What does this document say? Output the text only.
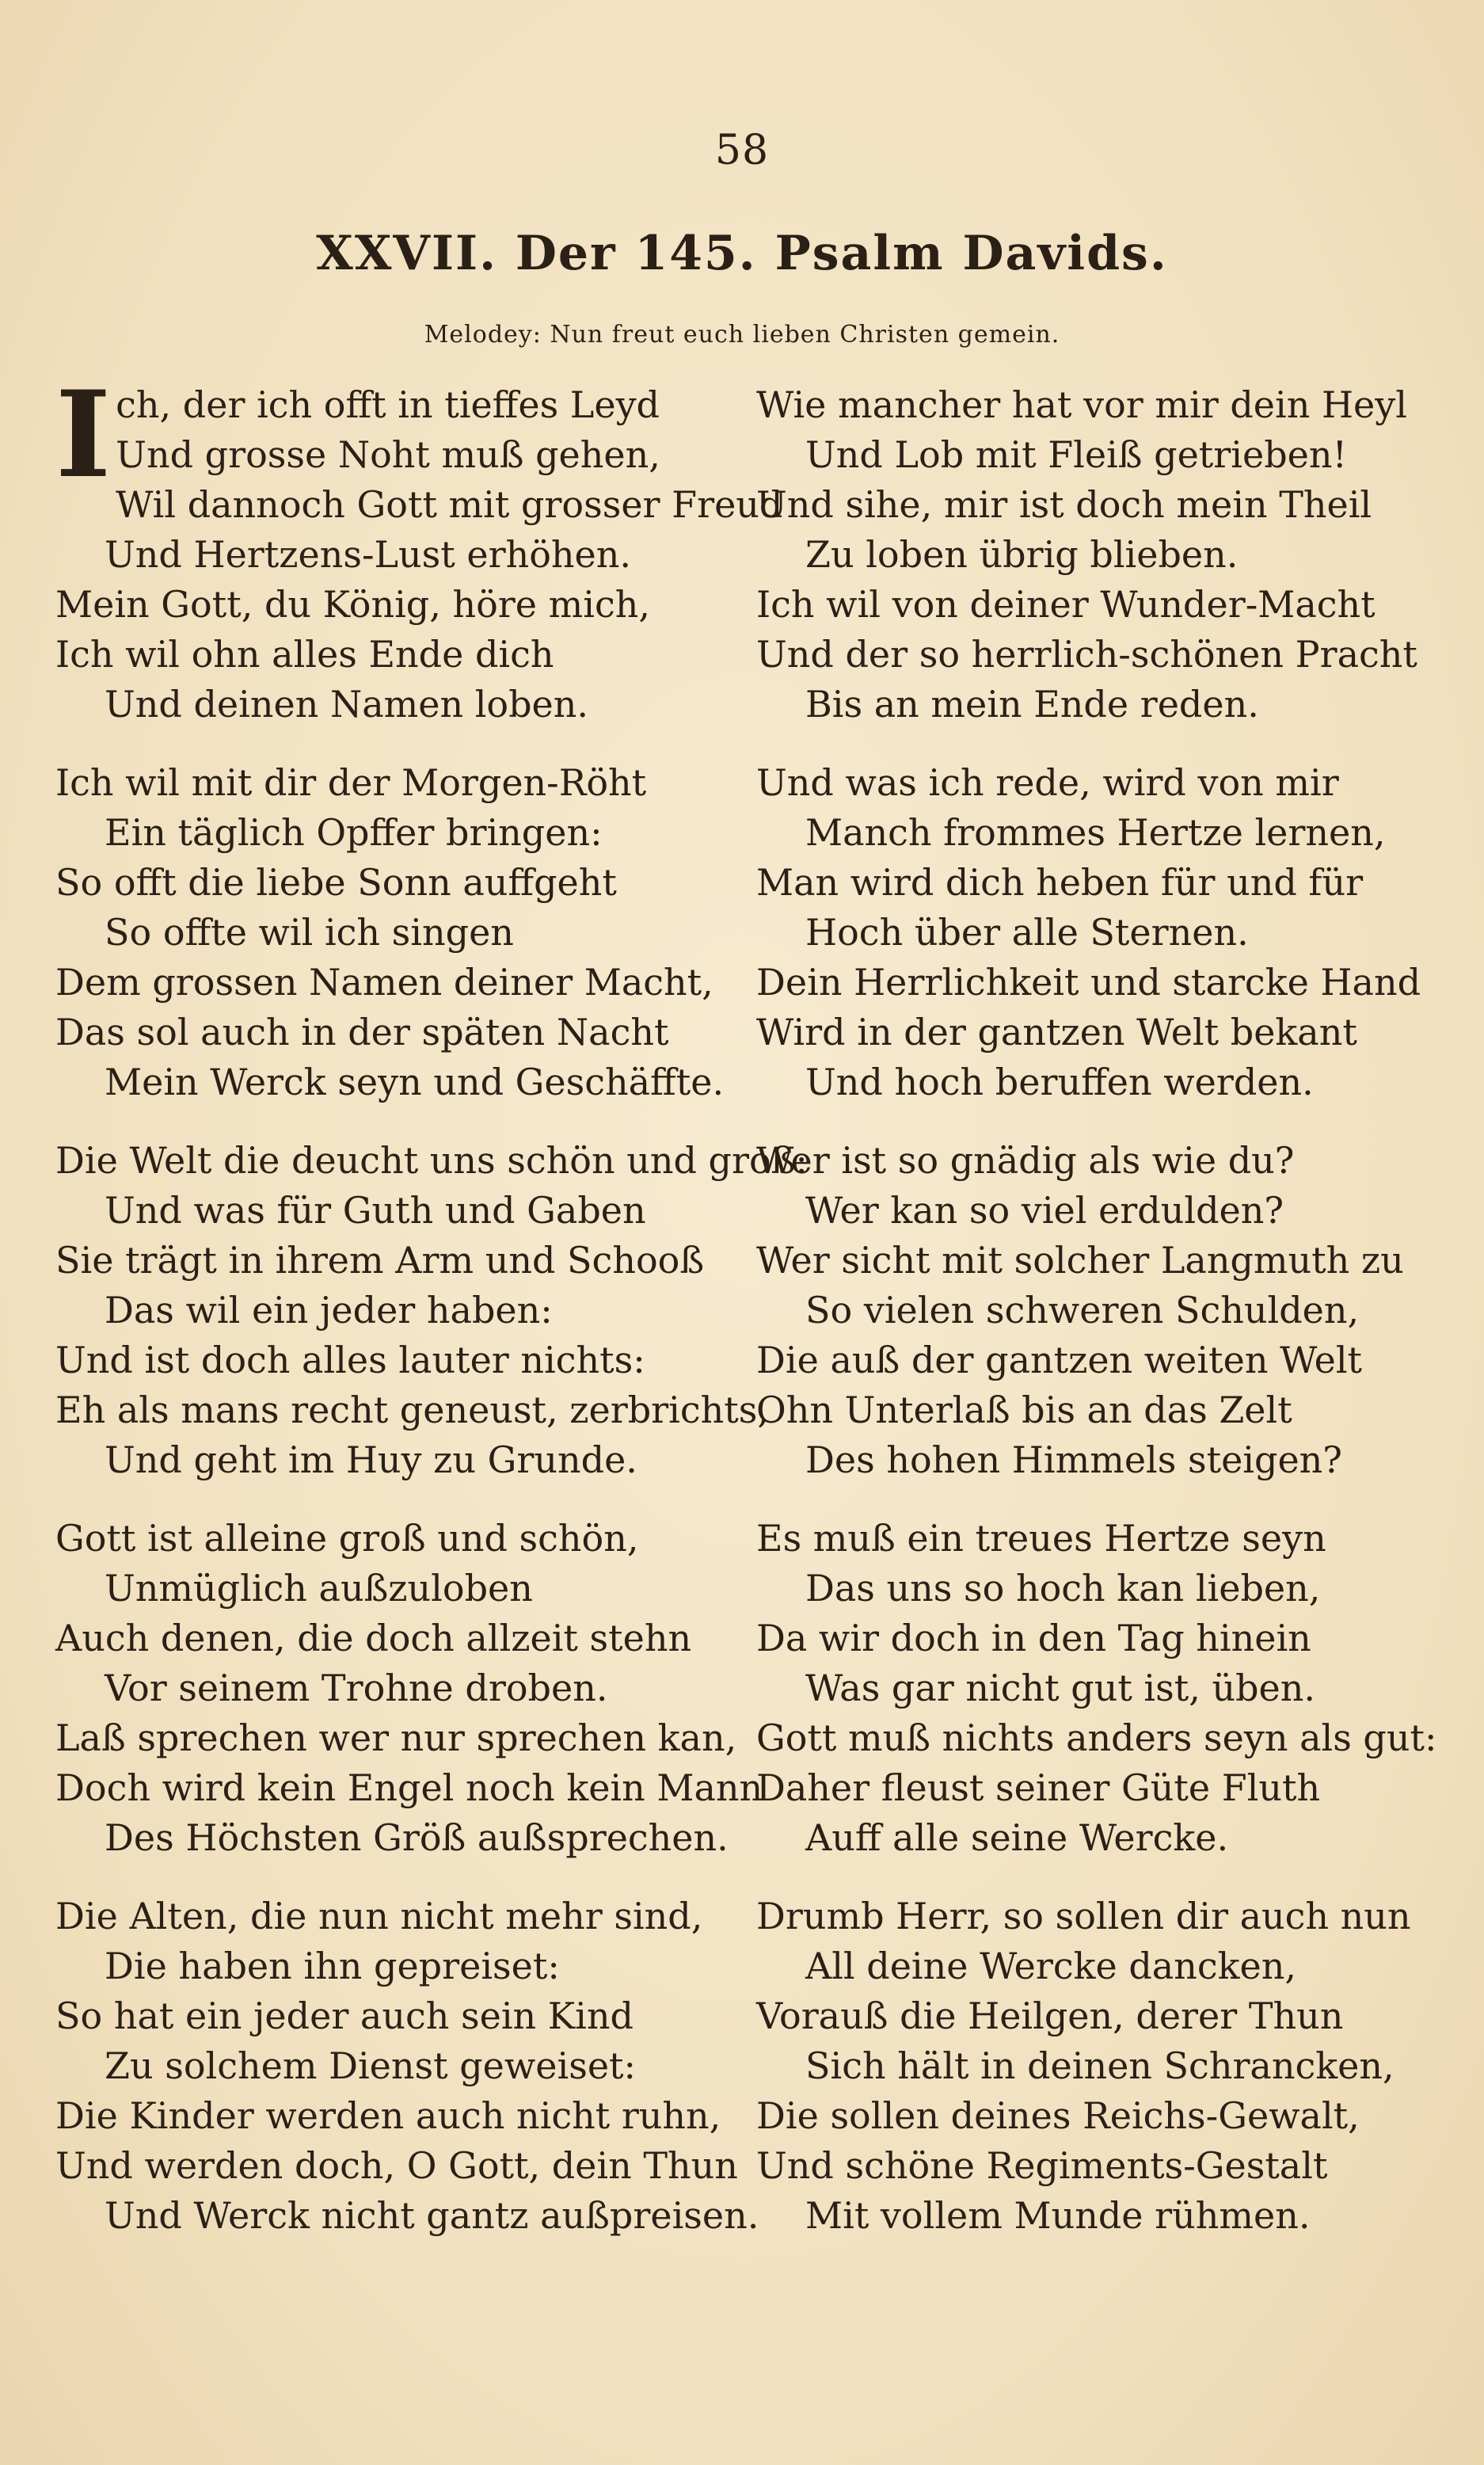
58
XXVII. Der 145. Psalm Davids.
Melodey: Nun freut euch lieben Christen gemein.
I ch, der ich offt in tieffes Leyd
Und grosse Noht muß gehen,
Wil dannoch Gott mit grosser Freud
Und Hertzens-Lust erhöhen.
Mein Gott, du König, höre mich,
Ich wil ohn alles Ende dich
Und deinen Namen loben.
Ich wil mit dir der Morgen-Röht
Ein täglich Opffer bringen:
So offt die liebe Sonn auffgeht
So offte wil ich singen
Dem grossen Namen deiner Macht,
Das sol auch in der späten Nacht
Mein Werck seyn und Geschäffte.
Die Welt die deucht uns schön und groß:
Und was für Guth und Gaben
Sie trägt in ihrem Arm und Schooß
Das wil ein jeder haben:
Und ist doch alles lauter nichts:
Eh als mans recht geneust, zerbrichts,
Und geht im Huy zu Grunde.
Gott ist alleine groß und schön,
Unmüglich außzuloben
Auch denen, die doch allzeit stehn
Vor seinem Trohne droben.
Laß sprechen wer nur sprechen kan,
Doch wird kein Engel noch kein Mann
Des Höchsten Größ außsprechen.
Die Alten, die nun nicht mehr sind,
Die haben ihn gepreiset:
So hat ein jeder auch sein Kind
Zu solchem Dienst geweiset:
Die Kinder werden auch nicht ruhn,
Und werden doch, O Gott, dein Thun
Und Werck nicht gantz außpreisen.
Wie mancher hat vor mir dein Heyl
Und Lob mit Fleiß getrieben!
Und sihe, mir ist doch mein Theil
Zu loben übrig blieben.
Ich wil von deiner Wunder-Macht
Und der so herrlich-schönen Pracht
Bis an mein Ende reden.
Und was ich rede, wird von mir
Manch frommes Hertze lernen,
Man wird dich heben für und für
Hoch über alle Sternen.
Dein Herrlichkeit und starcke Hand
Wird in der gantzen Welt bekant
Und hoch beruffen werden.
Wer ist so gnädig als wie du?
Wer kan so viel erdulden?
Wer sicht mit solcher Langmuth zu
So vielen schweren Schulden,
Die auß der gantzen weiten Welt
Ohn Unterlaß bis an das Zelt
Des hohen Himmels steigen?
Es muß ein treues Hertze seyn
Das uns so hoch kan lieben,
Da wir doch in den Tag hinein
Was gar nicht gut ist, üben.
Gott muß nichts anders seyn als gut:
Daher fleust seiner Güte Fluth
Auff alle seine Wercke.
Drumb Herr, so sollen dir auch nun
All deine Wercke dancken,
Vorauß die Heilgen, derer Thun
Sich hält in deinen Schrancken,
Die sollen deines Reichs-Gewalt,
Und schöne Regiments-Gestalt
Mit vollem Munde rühmen.
